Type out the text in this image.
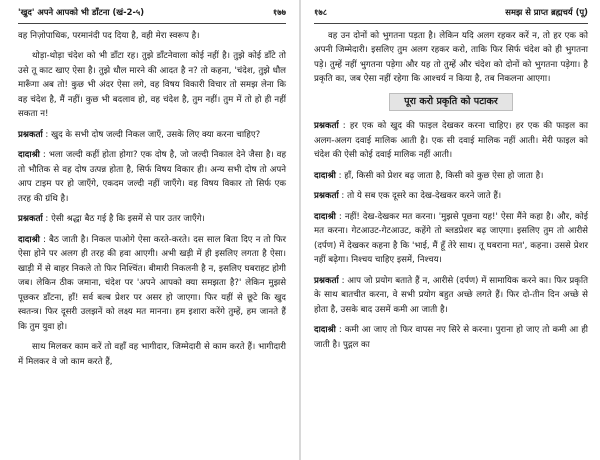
'खुद' अपने आपको भी डाँटना (खं-2-५)	१७७

वह निज़ोपाधिक, परमानंदी पद दिया है, वही मेरा स्वरूप है।

थोड़ा-थोड़ा चंदेश को भी डाँटा रह। तुझे डाँटनेवाला कोई नहीं है। तुझे कोई डाँटे तो उसे तू काट खाए ऐसा है। तुझे धौल मारने की आदत है न? तो कहना, 'चंदेश, तुझे धौल मारूँगा अब तो! कुछ भी अंदर ऐसा लगे, वह विषय विकारी विचार तो समझ लेना कि वह चंदेश है, मैं नहीं। कुछ भी बदलाव हो, वह चंदेश है, तुम नहीं। तुम में तो हो ही नहीं सकता न!

प्रश्नकर्ता : खुद के सभी दोष जल्दी निकल जाएँ, उसके लिए क्या करना चाहिए?

दादाश्री : भला जल्दी कहीं होता होगा? एक दोष है, जो जल्दी निकाल देने जैसा है। वह तो भौतिक से वह दोष उत्पन्न होता है, सिर्फ विषय विकार ही। अन्य सभी दोष तो अपने आप टाइम पर हो जाएँगे, एकदम जल्दी नहीं जाएँगे। वह विषय विकार तो सिर्फ एक तरह की ग्रंथि है।

प्रश्नकर्ता : ऐसी श्रद्धा बैठ गई है कि इसमें से पार उतर जाएँगे।

दादाश्री : बैठ जाती है। निकल पाओगे ऐसा करते-करते। दस साल बिता दिए न तो फिर ऐसा होने पर अलग ही तरह की हवा आएगी। अभी खड़ी में ही इसलिए लगता है ऐसा। खाड़ी में से बाहर निकले तो फिर निश्चिंत। बीमारी निकलनी है न, इसलिए घबराहट होगी जब। लेकिन ठीक जमाना, चंदेश पर 'अपने आपको क्या समझता है?' लेकिन मुझसे पूछकर डाँटना, हाँ! सर्व बल्ब प्रेशर पर असर हो जाएगा। फिर यहीं से छूटे कि खुद स्वतन्त्र। फिर दूसरी उलझनें को लक्ष्य मत मानना। हम इशारा करेंगे तुम्हें, हम जानते हैं कि तुम युवा हो।

साथ मिलकर काम करें तो वहाँ वह भागीदार, जिम्मेदारी से काम करते हैं। भागीदारी में मिलकर वे जो काम करते हैं,

१७८	समझ से प्राप्त ब्रह्मचर्य (पू)

वह उन दोनों को भुगतना पड़ता है। लेकिन यदि अलग रहकर करें न, तो हर एक को अपनी जिम्मेदारी। इसलिए तुम अलग रहकर करो, ताकि फिर सिर्फ चंदेश को ही भुगतना पड़े। तुम्हें नहीं भुगतना पड़ेगा और यह तो तुम्हें और चंदेश को दोनों को भुगतना पड़ेगा। है प्रकृति का, जब ऐसा नहीं रहेगा कि आश्चर्य न किया है, तब निकलना आएगा।

पूरा करो प्रकृति को पटाकर

प्रश्नकर्ता : हर एक को खुद की फाइल देखकर करना चाहिए। हर एक की फाइल का अलग-अलग दवाई मालिक आती है। एक सी दवाई मालिक नहीं आती। मेरी फाइल को चंदेश की ऐसी कोई दवाई मालिक नहीं आती।

दादाश्री : हाँ, किसी को प्रेशर बढ़ जाता है, किसी को कुछ ऐसा हो जाता है।

प्रश्नकर्ता : तो ये सब एक दूसरे का देख-देखकर करने जाते हैं।

दादाश्री : नहीं! देख-देखकर मत करना। 'मुझसे पूछना यह!' ऐसा मैंने कहा है। और, कोई मत करना। गेटआउट-गेटआउट, कहेंगे तो ब्लडप्रेशर बढ़ जाएगा। इसलिए तुम तो आरीसे (दर्पण) में देखकर कहना है कि 'भाई, मैं हूँ तेरे साथ। तू घबराना मत', कहना। उससे प्रेशर नहीं बढ़ेगा। निश्चय चाहिए इसमें, निश्चय।

प्रश्नकर्ता : आप जो प्रयोग बताते हैं न, आरीसे (दर्पण) में सामायिक करने का। फिर प्रकृति के साथ बातचीत करना, वे सभी प्रयोग बहुत अच्छे लगते हैं। फिर दो-तीन दिन अच्छे से होता है, उसके बाद उसमें कमी आ जाती है।

दादाश्री : कमी आ जाए तो फिर वापस नए सिरे से करना। पुराना हो जाए तो कमी आ ही जाती है। पुद्गल का
